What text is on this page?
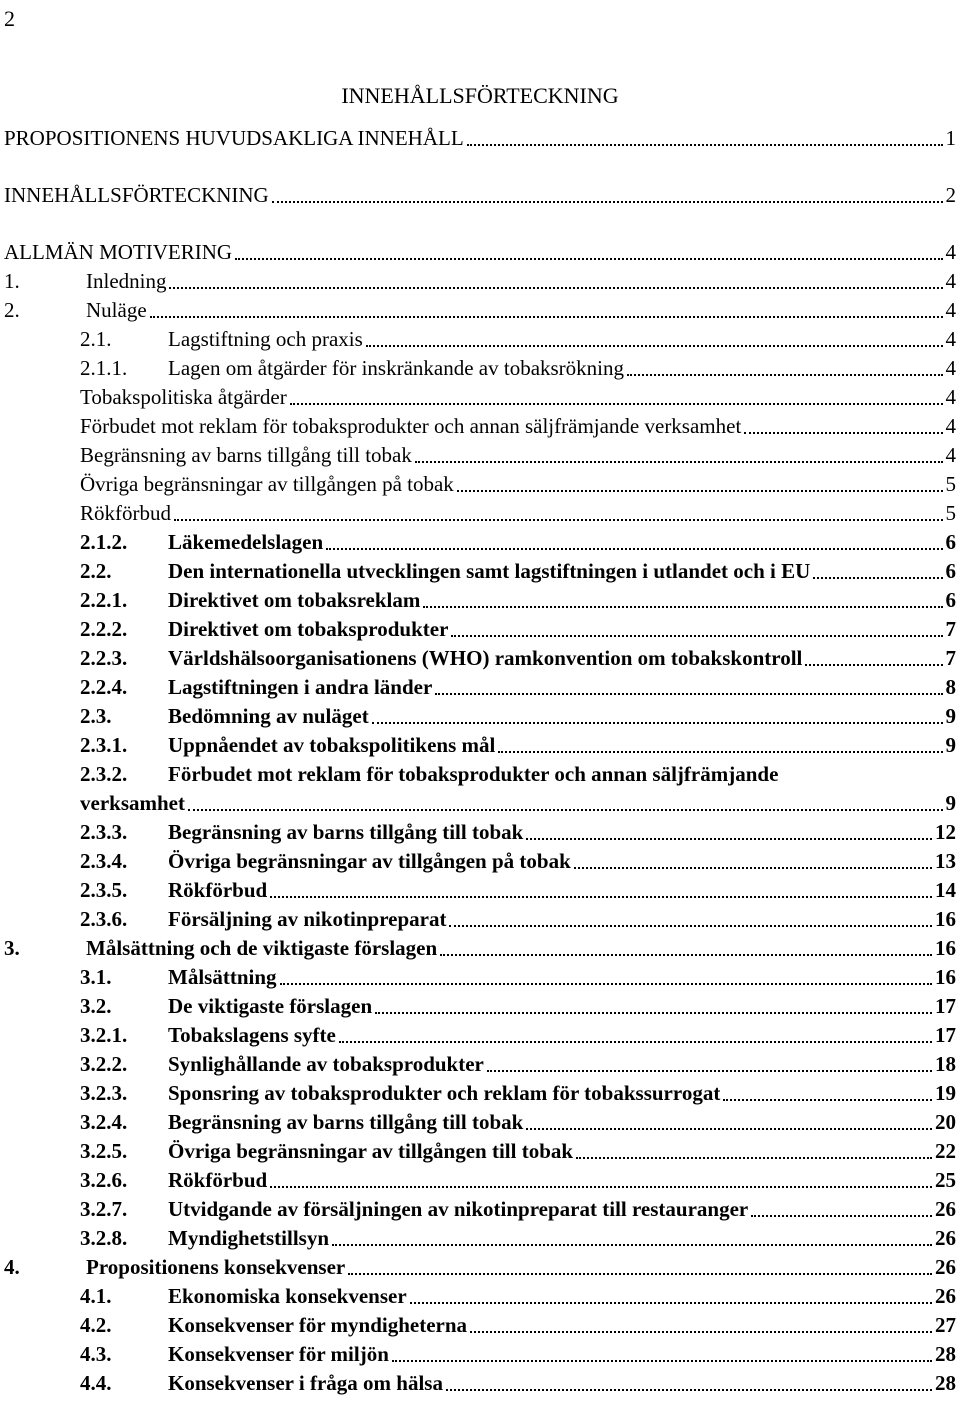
2
INNEHÅLLSFÖRTECKNING
PROPOSITIONENS HUVUDSAKLIGA INNEHÅLL	1
INNEHÅLLSFÖRTECKNING	2
ALLMÄN MOTIVERING	4
1.	Inledning	4
2.	Nuläge	4
2.1.	Lagstiftning och praxis	4
2.1.1. Lagen om åtgärder för inskränkande av tobaksrökning	4
Tobakspolitiska åtgärder	4
Förbudet mot reklam för tobaksprodukter och annan säljfrämjande verksamhet	4
Begränsning av barns tillgång till tobak	4
Övriga begränsningar av tillgången på tobak	5
Rökförbud	5
2.1.2. Läkemedelslagen	6
2.2.	Den internationella utvecklingen samt lagstiftningen i utlandet och i EU	6
2.2.1. Direktivet om tobaksreklam	6
2.2.2. Direktivet om tobaksprodukter	7
2.2.3. Världshälsoorganisationens (WHO) ramkonvention om tobakskontroll	7
2.2.4. Lagstiftningen i andra länder	8
2.3.	Bedömning av nuläget	9
2.3.1. Uppnåendet av tobakspolitikens mål	9
2.3.2. Förbudet mot reklam för tobaksprodukter och annan säljfrämjande
verksamhet	9
2.3.3. Begränsning av barns tillgång till tobak	12
2.3.4. Övriga begränsningar av tillgången på tobak	13
2.3.5. Rökförbud	14
2.3.6. Försäljning av nikotinpreparat	16
3.	Målsättning och de viktigaste förslagen	16
3.1.	Målsättning	16
3.2.	De viktigaste förslagen	17
3.2.1. Tobakslagens syfte	17
3.2.2. Synlighållande av tobaksprodukter	18
3.2.3. Sponsring av tobaksprodukter och reklam för tobakssurrogat	19
3.2.4. Begränsning av barns tillgång till tobak	20
3.2.5. Övriga begränsningar av tillgången till tobak	22
3.2.6. Rökförbud	25
3.2.7. Utvidgande av försäljningen av nikotinpreparat till restauranger	26
3.2.8. Myndighetstillsyn	26
4.	Propositionens konsekvenser	26
4.1.	Ekonomiska konsekvenser	26
4.2.	Konsekvenser för myndigheterna	27
4.3.	Konsekvenser för miljön	28
4.4.	Konsekvenser i fråga om hälsa	28
